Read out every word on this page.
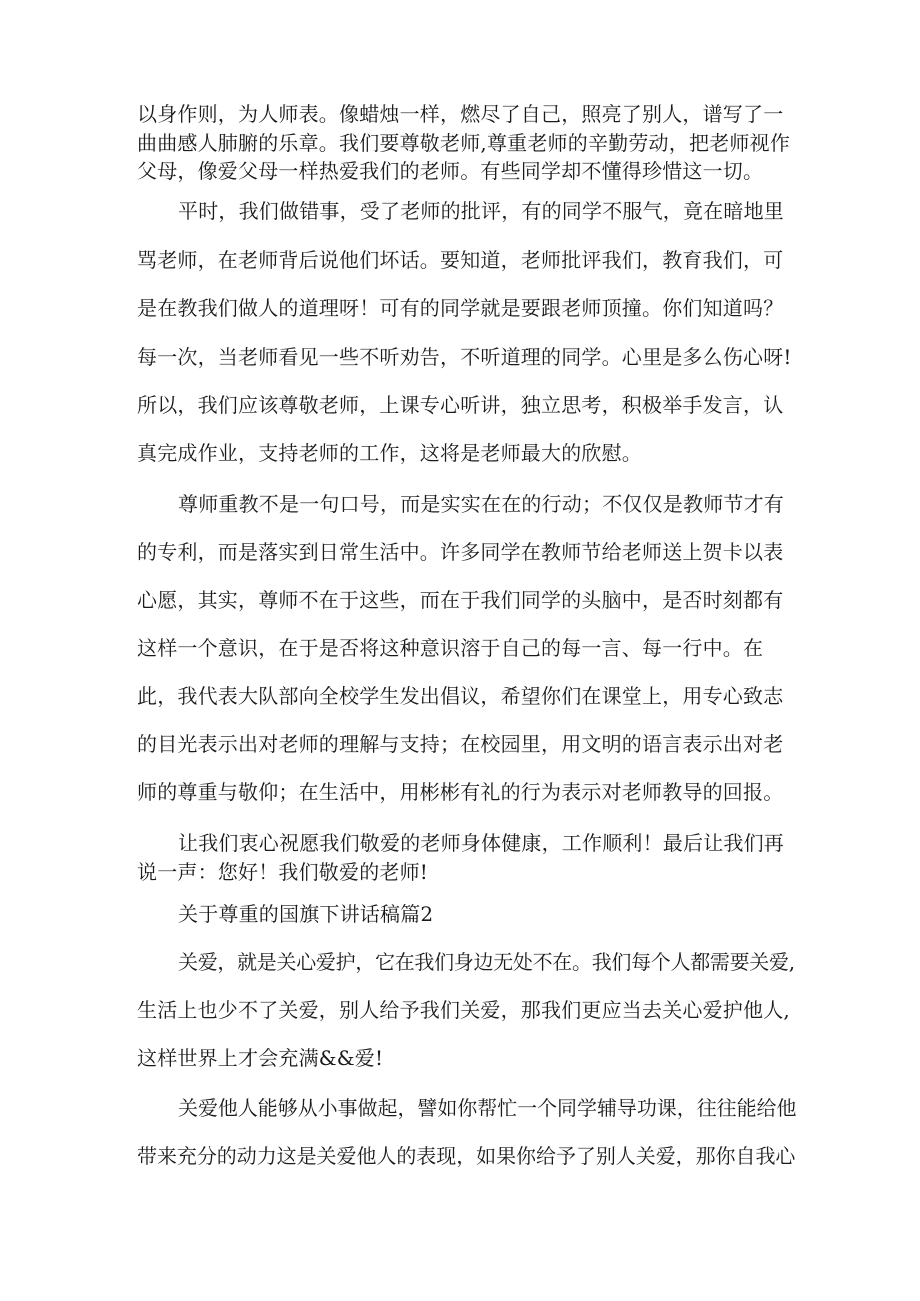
以身作则，为人师表。像蜡烛一样，燃尽了自己，照亮了别人，谱写了一
曲曲感人肺腑的乐章。我们要尊敬老师,尊重老师的辛勤劳动，把老师视作
父母，像爱父母一样热爱我们的老师。有些同学却不懂得珍惜这一切。
平时，我们做错事，受了老师的批评，有的同学不服气，竟在暗地里
骂老师，在老师背后说他们坏话。要知道，老师批评我们，教育我们，可
是在教我们做人的道理呀！可有的同学就是要跟老师顶撞。你们知道吗？
每一次，当老师看见一些不听劝告，不听道理的同学。心里是多么伤心呀!
所以，我们应该尊敬老师，上课专心听讲，独立思考，积极举手发言，认
真完成作业，支持老师的工作，这将是老师最大的欣慰。
尊师重教不是一句口号，而是实实在在的行动；不仅仅是教师节才有
的专利，而是落实到日常生活中。许多同学在教师节给老师送上贺卡以表
心愿，其实，尊师不在于这些，而在于我们同学的头脑中，是否时刻都有
这样一个意识，在于是否将这种意识溶于自己的每一言、每一行中。在
此，我代表大队部向全校学生发出倡议，希望你们在课堂上，用专心致志
的目光表示出对老师的理解与支持；在校园里，用文明的语言表示出对老
师的尊重与敬仰；在生活中，用彬彬有礼的行为表示对老师教导的回报。
让我们衷心祝愿我们敬爱的老师身体健康，工作顺利！最后让我们再
说一声：您好！我们敬爱的老师!
关于尊重的国旗下讲话稿篇2
关爱，就是关心爱护，它在我们身边无处不在。我们每个人都需要关爱,
生活上也少不了关爱，别人给予我们关爱，那我们更应当去关心爱护他人,
这样世界上才会充满&&爱!
关爱他人能够从小事做起，譬如你帮忙一个同学辅导功课，往往能给他
带来充分的动力这是关爱他人的表现，如果你给予了别人关爱，那你自我心
